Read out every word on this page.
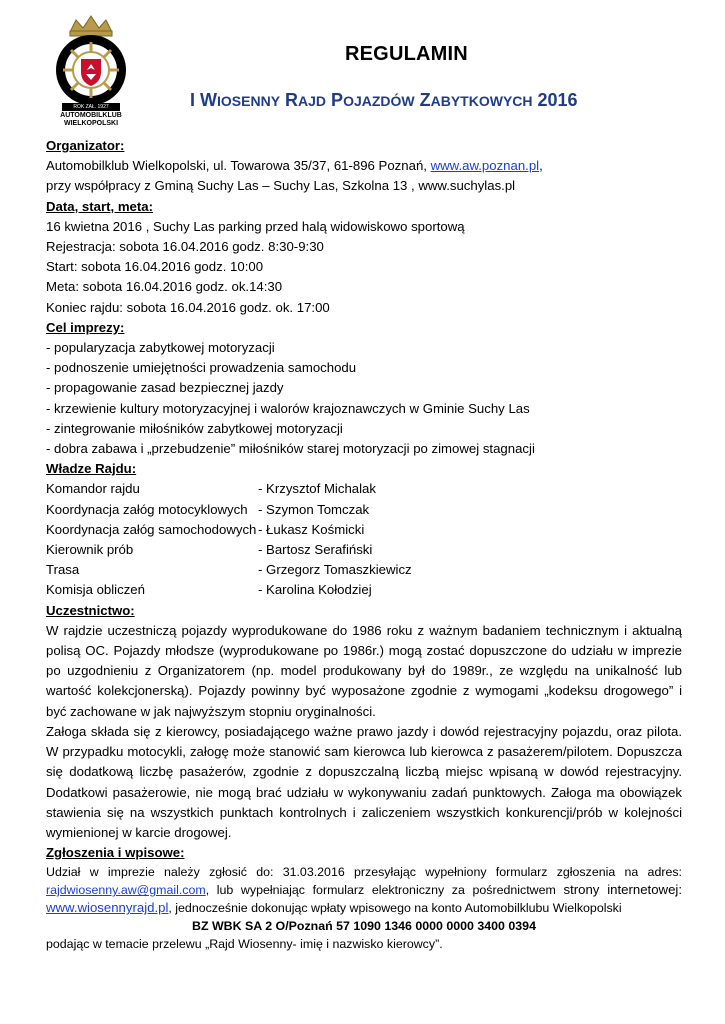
ROK ZAŁ. 1927
AUTOMOBILKLUB
WIELKOPOLSKI
REGULAMIN
I WIOSENNY RAJD POJAZDÓW ZABYTKOWYCH 2016

Organizator:

Automobilklub Wielkopolski, ul. Towarowa 35/37, 61-896 Poznań, www.aw.poznan.pl,

przy współpracy z Gminą Suchy Las – Suchy Las, Szkolna 13 , www.suchylas.pl

Data, start, meta:

16 kwietna 2016 , Suchy Las parking przed halą widowiskowo sportową

Rejestracja: sobota 16.04.2016 godz. 8:30-9:30

Start: sobota 16.04.2016 godz. 10:00

Meta: sobota 16.04.2016 godz. ok.14:30

Koniec rajdu: sobota 16.04.2016 godz. ok. 17:00

Cel imprezy:

- popularyzacja zabytkowej motoryzacji

- podnoszenie umiejętności prowadzenia samochodu

- propagowanie zasad bezpiecznej jazdy

- krzewienie kultury motoryzacyjnej i walorów krajoznawczych w Gminie Suchy Las

- zintegrowanie miłośników zabytkowej motoryzacji

- dobra zabawa i „przebudzenie” miłośników starej motoryzacji po zimowej stagnacji

Władze Rajdu:

Komandor rajdu	- Krzysztof Michalak
Koordynacja załóg motocyklowych - Szymon Tomczak
Koordynacja załóg samochodowych - Łukasz Kośmicki
Kierownik prób	- Bartosz Serafiński
Trasa	- Grzegorz Tomaszkiewicz
Komisja obliczeń	- Karolina Kołodziej

Uczestnictwo:

W rajdzie uczestniczą pojazdy wyprodukowane do 1986 roku z ważnym badaniem technicznym i aktualną polisą OC. Pojazdy młodsze (wyprodukowane po 1986r.) mogą zostać dopuszczone do udziału w imprezie po uzgodnieniu z Organizatorem (np. model produkowany był do 1989r., ze względu na unikalność lub wartość kolekcjonerską). Pojazdy powinny być wyposażone zgodnie z wymogami „kodeksu drogowego” i być zachowane w jak najwyższym stopniu oryginalności.

Załoga składa się z kierowcy, posiadającego ważne prawo jazdy i dowód rejestracyjny pojazdu, oraz pilota. W przypadku motocykli, załogę może stanowić sam kierowca lub kierowca z pasażerem/pilotem. Dopuszcza się dodatkową liczbę pasażerów, zgodnie z dopuszczalną liczbą miejsc wpisaną w dowód rejestracyjny. Dodatkowi pasażerowie, nie mogą brać udziału w wykonywaniu zadań punktowych. Załoga ma obowiązek stawienia się na wszystkich punktach kontrolnych i zaliczeniem wszystkich konkurencji/prób w kolejności wymienionej w karcie drogowej.

Zgłoszenia i wpisowe:

Udział w imprezie należy zgłosić do: 31.03.2016 przesyłając wypełniony formularz zgłoszenia na adres: rajdwiosenny.aw@gmail.com, lub wypełniając formularz elektroniczny za pośrednictwem strony internetowej: www.wiosennyrajd.pl, jednocześnie dokonując wpłaty wpisowego na konto Automobilklubu Wielkopolski

BZ WBK SA 2 O/Poznań 57 1090 1346 0000 0000 3400 0394

podając w temacie przelewu „Rajd Wiosenny- imię i nazwisko kierowcy”.
